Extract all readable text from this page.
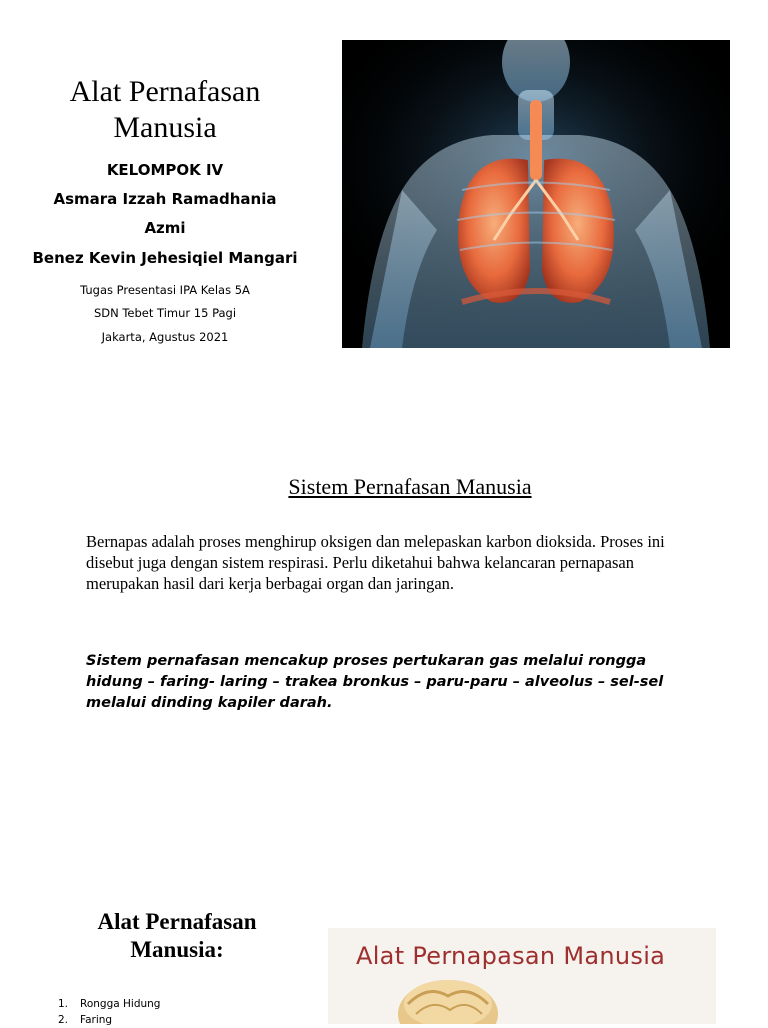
Alat Pernafasan
Manusia
KELOMPOK IV
Asmara Izzah Ramadhania
Azmi
Benez Kevin Jehesiqiel Mangari
Tugas Presentasi IPA Kelas 5A
SDN Tebet Timur 15 Pagi
Jakarta, Agustus 2021
Sistem Pernafasan Manusia
Bernapas adalah proses menghirup oksigen dan melepaskan karbon dioksida. Proses ini disebut juga dengan sistem respirasi. Perlu diketahui bahwa kelancaran pernapasan merupakan hasil dari kerja berbagai organ dan jaringan.
Sistem pernafasan mencakup proses pertukaran gas melalui rongga hidung – faring- laring – trakea bronkus – paru-paru – alveolus – sel-sel melalui dinding kapiler darah.
Alat Pernafasan
Manusia:
1. Rongga Hidung
2. Faring
Alat Pernapasan Manusia
